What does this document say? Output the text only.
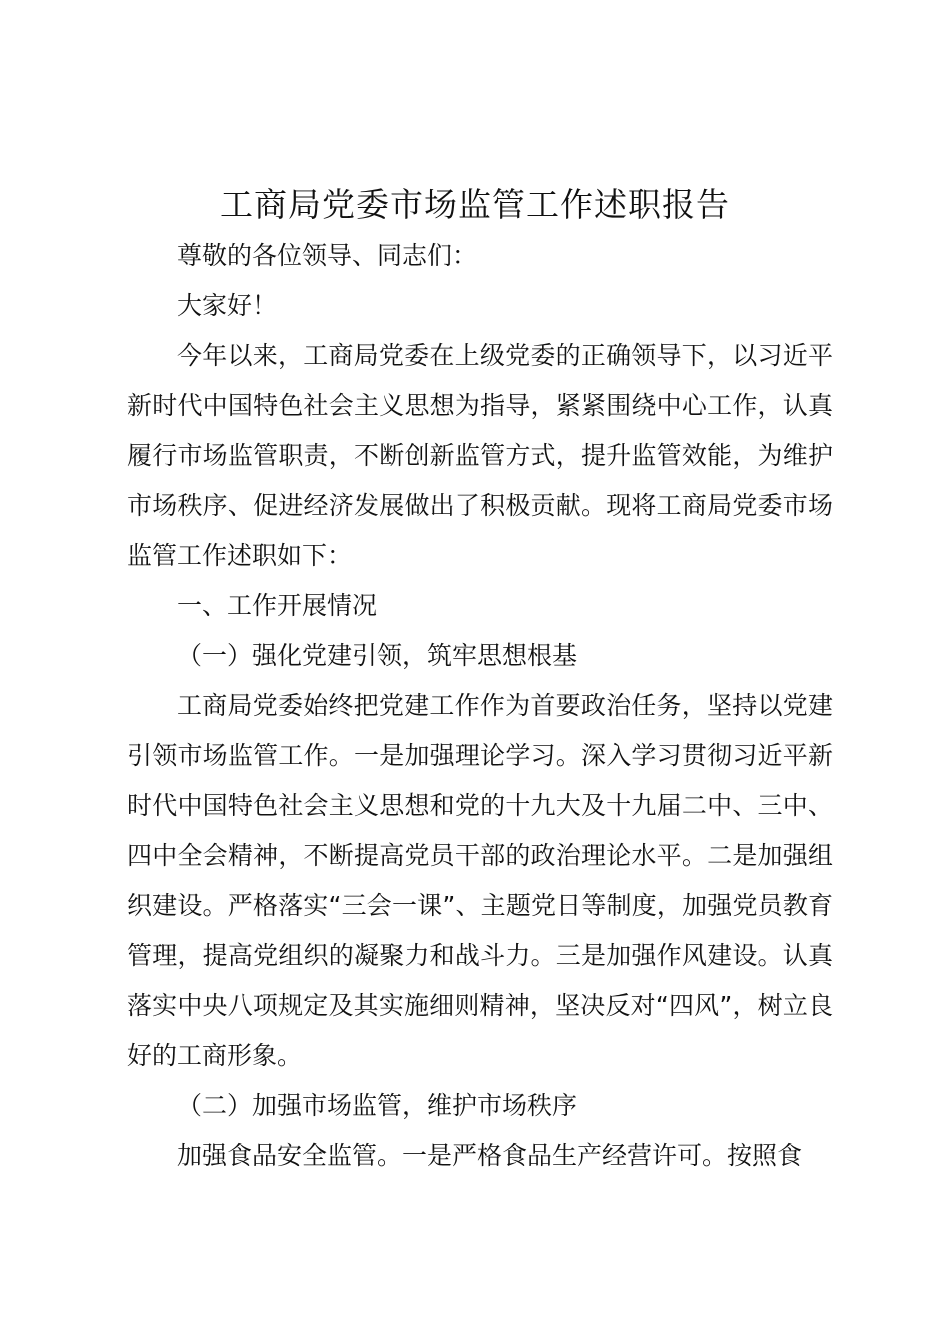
工商局党委市场监管工作述职报告

尊敬的各位领导、同志们：

大家好！

今年以来，工商局党委在上级党委的正确领导下，以习近平新时代中国特色社会主义思想为指导，紧紧围绕中心工作，认真履行市场监管职责，不断创新监管方式，提升监管效能，为维护市场秩序、促进经济发展做出了积极贡献。现将工商局党委市场监管工作述职如下：

一、工作开展情况

（一）强化党建引领，筑牢思想根基

工商局党委始终把党建工作作为首要政治任务，坚持以党建引领市场监管工作。一是加强理论学习。深入学习贯彻习近平新时代中国特色社会主义思想和党的十九大及十九届二中、三中、四中全会精神，不断提高党员干部的政治理论水平。二是加强组织建设。严格落实“三会一课”、主题党日等制度，加强党员教育管理，提高党组织的凝聚力和战斗力。三是加强作风建设。认真落实中央八项规定及其实施细则精神，坚决反对“四风”，树立良好的工商形象。

（二）加强市场监管，维护市场秩序

加强食品安全监管。一是严格食品生产经营许可。按照食
